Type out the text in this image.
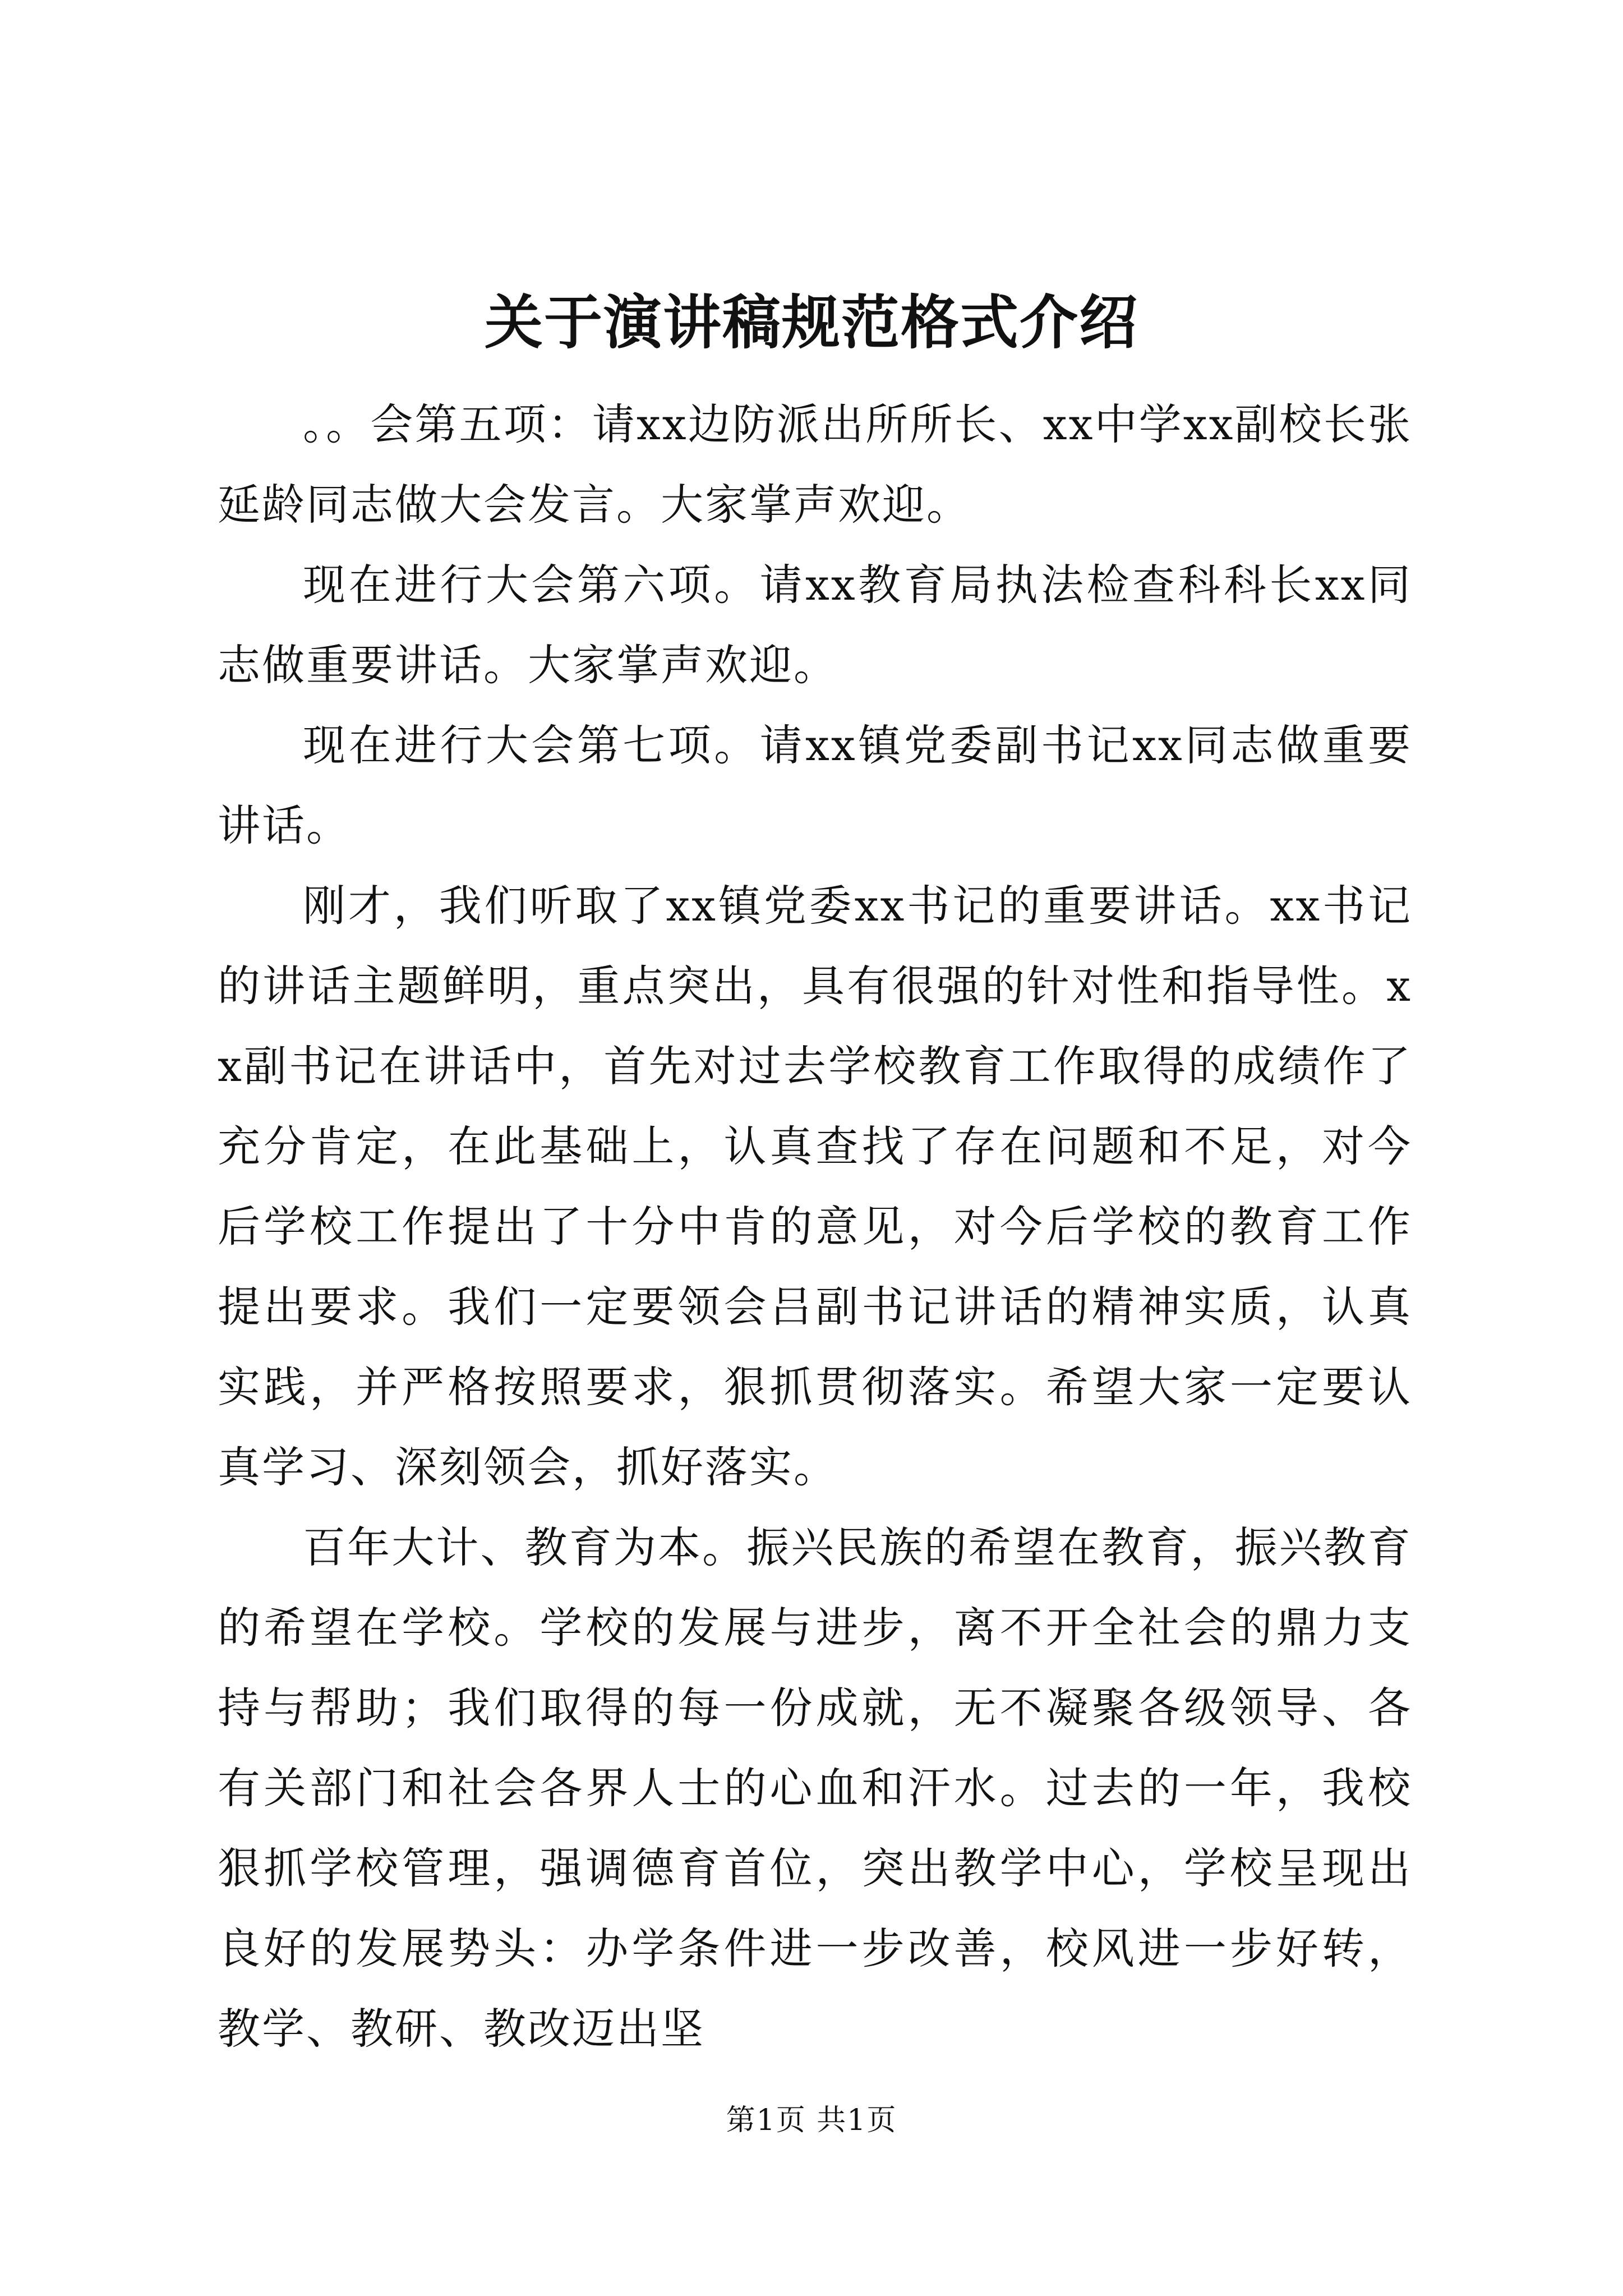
关于演讲稿规范格式介绍

。。会第五项：请xx边防派出所所长、xx中学xx副校长张延龄同志做大会发言。大家掌声欢迎。

现在进行大会第六项。请xx教育局执法检查科科长xx同志做重要讲话。大家掌声欢迎。

现在进行大会第七项。请xx镇党委副书记xx同志做重要讲话。

刚才，我们听取了xx镇党委xx书记的重要讲话。xx书记的讲话主题鲜明，重点突出，具有很强的针对性和指导性。xx副书记在讲话中，首先对过去学校教育工作取得的成绩作了充分肯定，在此基础上，认真查找了存在问题和不足，对今后学校工作提出了十分中肯的意见，对今后学校的教育工作提出要求。我们一定要领会吕副书记讲话的精神实质，认真实践，并严格按照要求，狠抓贯彻落实。希望大家一定要认真学习、深刻领会，抓好落实。

百年大计、教育为本。振兴民族的希望在教育，振兴教育的希望在学校。学校的发展与进步，离不开全社会的鼎力支持与帮助；我们取得的每一份成就，无不凝聚各级领导、各有关部门和社会各界人士的心血和汗水。过去的一年，我校狠抓学校管理，强调德育首位，突出教学中心，学校呈现出良好的发展势头：办学条件进一步改善，校风进一步好转，教学、教研、教改迈出坚

第1页 共1页
